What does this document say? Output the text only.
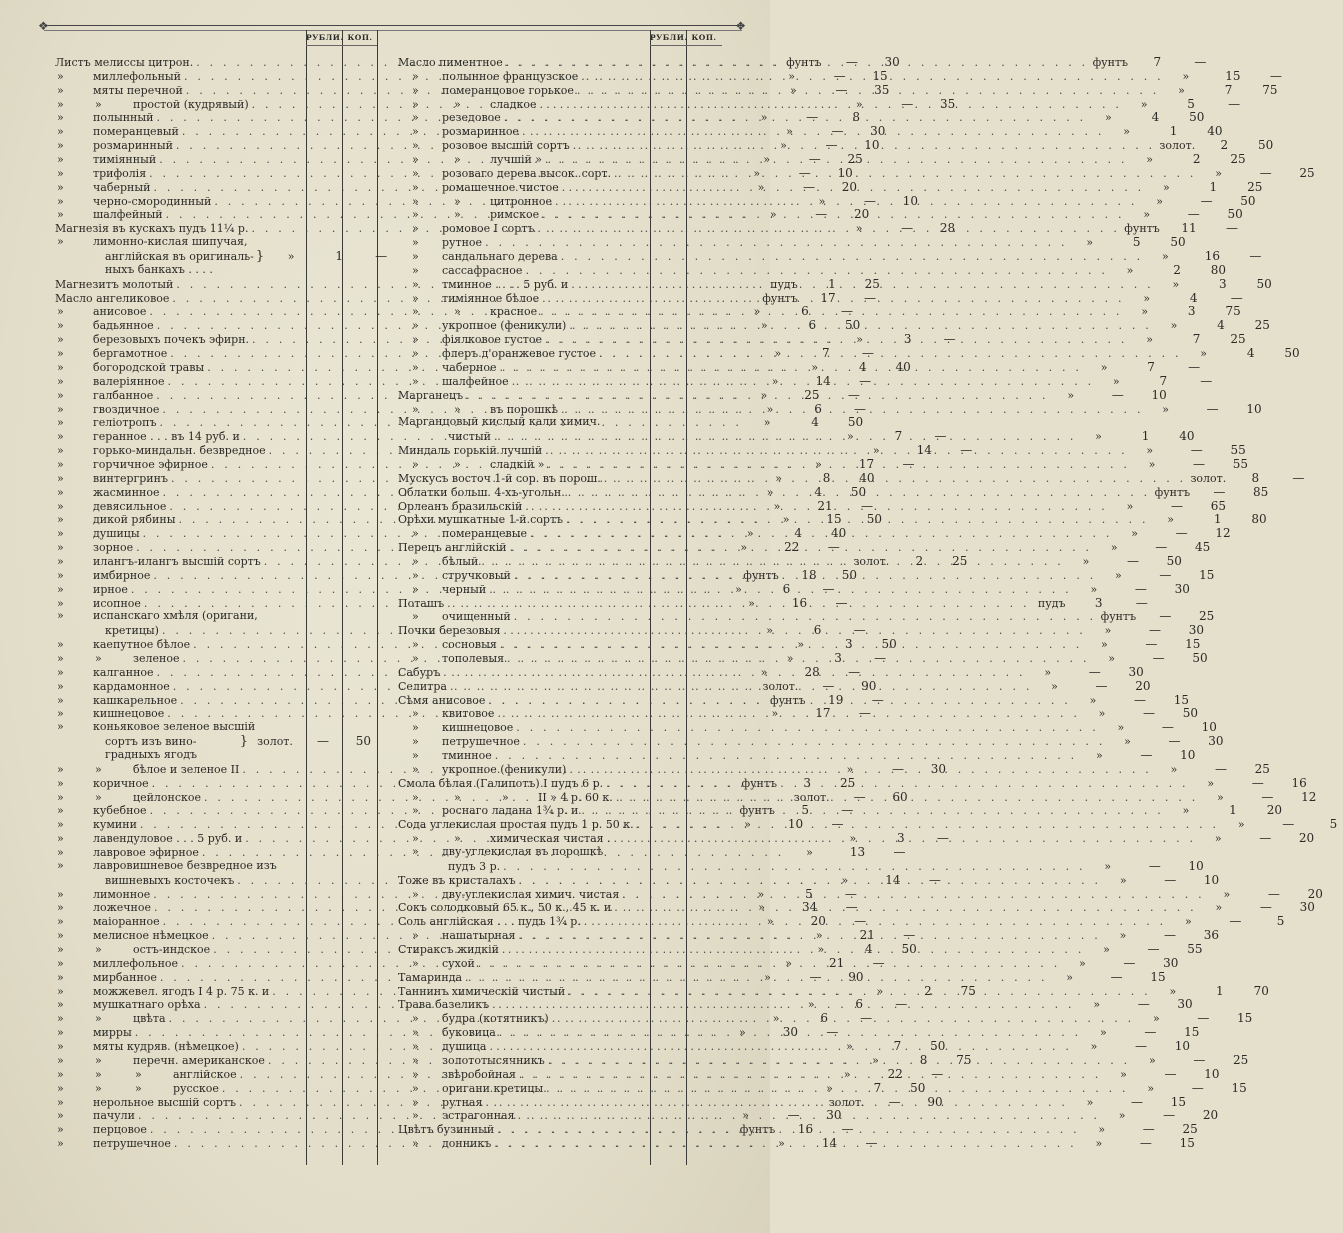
❖	❖
РУБЛИ. КОП.	РУБЛИ. КОП.
Листъ мелиссы цитрон. . . .	фунтъ	—	30
»	миллефольный . . .	»	—	15
»	мяты перечной . . .	»	—	35
»	»	простой (кудрявый) . . .	»	—	35
»	полынный . . .	»	—	8
»	померанцевый . . .	»	—	30
»	розмаринный . . .	»	—	10
»	тиміянный . . .	»	—	25
»	трифолія . . .	»	—	10
»	чаберный . . .	»	—	20
»	черно-смородинный . . .	»	—	10
»	шалфейный . . .	»	—	20
Магнезія въ кускахъ пудъ 11¼ р. . . .	»	—	28
»	лимонно-кислая шипучая,
англійская въ оригиналь- }	»	1	—
ныхъ банкахъ . . . .
Магнезитъ молотый . . .	пудъ	1	25
Масло ангеликовое . . .	фунтъ	17	—
»	анисовое . . .	»	6	—
»	бадьянное . . .	»	6	50
»	березовыхъ почекъ эфирн. . . .	»	3	—
»	бергамотное . . .	»	7	—
»	богородской травы . . .	»	4	40
»	валеріянное . . .	»	14	—
»	галбанное . . .	»	25	—
»	гвоздичное . . .	»	6	—
»	геліотропъ . . .	»	4	50
»	геранное . . . въ 14 руб. и . . .	»	7	—
»	горько-миндальн. безвредное . . .	»	14	—
»	горчичное эфирное . . .	»	17	—
»	винтергринъ . . .	»	8	40
»	жасминное . . .	»	4	50
»	девясильное . . .	»	21	—
»	дикой рябины . . .	»	15	50
»	душицы . . .	»	4	40
»	зорное . . .	»	22	—
»	илангъ-илангъ высшій сортъ . . .	золот.	2	25
»	имбирное . . .	фунтъ	18	50
»	ирное . . .	»	6	—
»	исопное . . .	»	16	—
»	испанскаго хмѣля (оригани,
кретицы) . . .	»	6	—
»	каепутное бѣлое . . .	»	3	50
»	»	зеленое . . .	»	3	—
»	калганное . . .	»	28	—
»	кардамонное . . .	золот.	—	90
»	кашкарельное . . .	фунтъ	19	—
»	кишнецовое . . .	»	17	—
»	коньяковое зеленое высшій
сортъ изъ вино-	} золот.	—	50
градныхъ ягодъ
»	»	бѣлое и зеленое II . . .	»	—	30
»	коричное . . .	фунтъ	3	25
»	»	цейлонское . . .	золот.	—	60
»	кубебное . . .	фунтъ	5	—
»	кумини . . .	»	10	—
»	лавендуловое . . . 5 руб. и . . .	»	3	—
»	лавровое эфирное . . .	»	13	—
»	лавровишневое безвредное изъ
вишневыхъ косточекъ . . .	»	14	—
»	лимонное . . .	»	5	—
»	ложечное . . .	»	34	—
»	маіоранное . . .	»	20	—
»	мелисное нѣмецкое . . .	»	21	—
»	»	остъ-индское . . .	»	4	50
»	миллефольное . . .	»	21	—
»	мирбанное . . .	»	—	90
»	можжевел. ягодъ I 4 р. 75 к. и . . .	»	2	75
»	мушкатнаго орѣха . . .	»	6	—
»	»	цвѣта . . .	»	6	—
»	мирры . . .	»	30	—
»	мяты кудряв. (нѣмецкое) . . .	»	7	50
»	»	перечн. американское . . .	»	8	75
»	»	»	англійское . . .	»	22	—
»	»	»	русское . . .	»	7	50
»	нерольное высшій сортъ . . .	золот.	—	90
»	пачули . . .	»	—	30
»	перцовое . . .	фунтъ	16	—
»	петрушечное . . .	»	14	—
Масло пиментное . . .	фунтъ	7	—
»	полынное французское . . .	»	15	—
»	померанцовое горькое . . .	»	7	75
»	»	сладкое . . .	»	5	—
»	резедовое . . .	»	4	50
»	розмаринное . . .	»	1	40
»	розовое высшій сортъ . . .	золот.	2	50
»	»	лучшій » . . .	»	2	25
»	розоваго дерева высок. сорт. . . .	»	—	25
»	ромашечное чистое . . .	»	1	25
»	»	цитронное . . .	»	—	50
»	»	римское . . .	»	—	50
»	ромовое I сортъ . . .	фунтъ	11	—
»	рутное . . .	»	5	50
»	сандальнаго дерева . . .	»	16	—
»	сассафрасное . . .	»	2	80
»	тминное . . . . 5 руб. и . . .	»	3	50
»	тиміянное бѣлое . . .	»	4	—
»	»	красное . . .	»	3	75
»	укропное (феникули) . . .	»	4	25
»	фіялковое густое . . .	»	7	25
»	флеръ д'оранжевое густое . . .	»	4	50
»	чаберное . . .	»	7	—
»	шалфейное . . .	»	7	—
Марганецъ . . .	»	—	10
»	»	въ порошкѣ . . .	»	—	10
Марганцовый кислый кали химич.
чистый . . .	»	1	40
Миндаль горькій лучшій . . .	»	—	55
»	»	сладкій » . . .	»	—	55
Мускусъ восточ 1-й сор. въ порош. . . .	золот.	8	—
Облатки больш. 4-хъ-угольн. . . .	фунтъ	—	85
Орлеанъ бразильскій . . .	»	—	65
Орѣхи мушкатные 1-й сортъ . . .	»	1	80
»	померанцевые . . .	»	—	12
Перецъ англійскій . . .	»	—	45
»	бѣлый . . .	»	—	50
»	стручковый . . .	»	—	15
»	черный . . .	»	—	30
Поташъ . . .	пудъ	3	—
»	очищенный . . .	фунтъ	—	25
Почки березовыя . . .	»	—	30
»	сосновыя . . .	»	—	15
»	тополевыя . . .	»	—	50
Сабуръ . . .	»	—	30
Селитра . . .	»	—	20
Сѣмя анисовое . . .	»	—	15
»	квитовое . . .	»	—	50
»	кишнецовое . . .	»	—	10
»	петрушечное . . .	»	—	30
»	тминное . . .	»	—	10
»	укропное (феникули) . . .	»	—	25
Смола бѣлая (Галипотъ) I пудъ 6 р. . . .	»	—	16
»	»	»	II » 4 р. 60 к. . . .	»	—	12
»	роснаго ладана 1¾ р. и . . .	»	1	20
Сода углекислая простая пудъ 1 р. 50 к. . . .	»	—	5
»	»	химическая чистая . . . .	»	—	20
»	дву-углекислая въ порошкѣ
пудъ 3 р. . . .	»	—	10
Тоже въ кристалахъ . . .	»	—	10
»	дву-углекислая химич. чистая . . .	»	—	20
Сокъ солодковый 65 к., 50 к., 45 к. и . . .	»	—	30
Соль англійская . . . пудъ 1¾ р. . . .	»	—	5
»	нашатырная . . .	»	—	36
Стираксъ жидкій . . .	»	—	55
»	сухой . . .	»	—	30
Тамаринда . . .	»	—	15
Таннинъ химическій чистый . . .	»	1	70
Трава базеликъ . . .	»	—	30
»	будра (котятникъ) . . .	»	—	15
»	буковица . . .	»	—	15
»	душица . . .	»	—	10
»	золототысячникъ . . .	»	—	25
»	звѣробойная . . .	»	—	10
»	оригани кретицы . . .	»	—	15
»	рутная . . .	»	—	15
»	эстрагонная . . .	»	—	20
Цвѣтъ бузинный . . .	»	—	25
»	донникъ . . .	»	—	15
